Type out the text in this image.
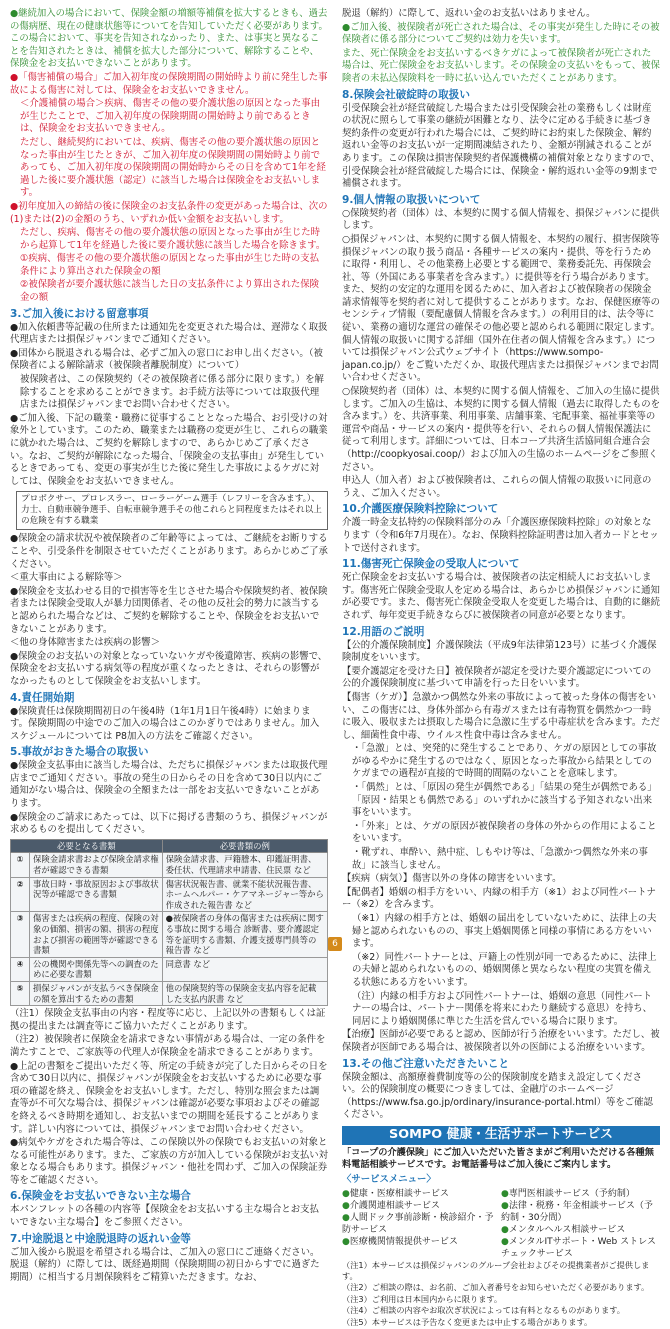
●継続加入の場合において、保険金額の増額等補償を拡大するときも、過去の傷病歴、現在の健康状態等についてを告知していただく必要があります。この場合において、事実を告知されなかったり、また、は事実と異なることを告知されたときは、補償を拡大した部分について、解除することや、保険金をお支払いできないことがあります。

●「傷害補償の場合」ご加入初年度の保険期間の開始時より前に発生した事故による傷害に対しては、保険金をお支払いできません。

＜介護補償の場合＞疾病、傷害その他の要介護状態の原因となった事由が生じたことで、ご加入初年度の保険期間の開始時より前であるときは、保険金をお支払いできません。

ただし、継続契約においては、疾病、傷害その他の要介護状態の原因となった事由が生じたときが、ご加入初年度の保険期間の開始時より前であっても、ご加入初年度の保険期間の開始時からその日を含めて1年を経過した後に要介護状態（認定）に該当した場合は保険金をお支払いします。

●初年度加入の締結の後に保険金のお支払条件の変更があった場合は、次の(1)または(2)の金額のうち、いずれか低い金額をお支払いします。

ただし、疾病、傷害その他の要介護状態の原因となった事由が生じた時から起算して1年を経過した後に要介護状態に該当した場合を除きます。

①疾病、傷害その他の要介護状態の原因となった事由が生じた時の支払条件により算出された保険金の額

②被保険者が要介護状態に該当した日の支払条件により算出された保険金の額

3.ご加入後における留意事項

●加入依頼書等記載の住所または通知先を変更された場合は、遅滞なく取扱代理店または損保ジャパンまでご通知ください。

●団体から脱退される場合は、必ずご加入の窓口にお申し出ください。（被保険者による解除請求（被保険者離脱制度）について）

被保険者は、この保険契約（その被保険者に係る部分に限ります。）を解除することを求めることができます。お手続方法等については取扱代理店または損保ジャパンまでお問い合わせください。

●ご加入後、下記の職業・職務に従事することとなった場合、お引受けの対象外としています。このため、職業または職務の変更が生じ、これらの職業に就かれた場合は、ご契約を解除しますので、あらかじめご了承ください。なお、ご契約が解除になった場合、「保険金の支払事由」が発生しているときであっても、変更の事実が生じた後に発生した事故によるケガに対しては、保険金をお支払いできません。

プロボクサー、プロレスラー、ローラーゲーム選手（レフリーを含みます。）、力士、自動車競争選手、自転車競争選手その他これらと同程度またはそれ以上の危険を有する職業

●保険金の請求状況や被保険者のご年齢等によっては、ご継続をお断りすることや、引受条件を制限させていただくことがあります。あらかじめご了承ください。

＜重大事由による解除等＞

●保険金を支払わせる目的で損害等を生じさせた場合や保険契約者、被保険者または保険金受取人が暴力団関係者、その他の反社会的勢力に該当すると認められた場合などは、ご契約を解除することや、保険金をお支払いできないことがあります。

＜他の身体障害または疾病の影響＞

●保険金のお支払いの対象となっていないケガや後遺障害、疾病の影響で、保険金をお支払いする病気等の程度が重くなったときは、それらの影響がなかったものとして保険金をお支払いします。

4.責任開始期

●保険責任は保険期間初日の午後4時（1年1月1日午後4時）に始まります。保険期間の中途でのご加入の場合はこのかぎりではありません。加入スケジュールについては P8加入の方法をご確認ください。

5.事故がおきた場合の取扱い

●保険金支払事由に該当した場合は、ただちに損保ジャパンまたは取扱代理店までご通知ください。事故の発生の日からその日を含めて30日以内にご通知がない場合は、保険金の全額または一部をお支払いできないことがあります。

●保険金のご請求にあたっては、以下に掲げる書類のうち、損保ジャパンが求めるものを提出してください。

必要となる書類		必要書類の例
①	保険金請求書および保険金請求権者が確認できる書類	保険金請求書、戸籍謄本、印鑑証明書、委任状、代理請求申請書、住民票 など
②	事故日時・事故原因および事故状況等が確認できる書類	傷害状況報告書、就業不能状況報告書、ホームヘルパー・ケアマネージャー等から作成された報告書 など
③	傷害または疾病の程度、保険の対象の価額、損害の額、損害の程度および損害の範囲等が確認できる書類	●被保険者の身体の傷害または疾病に関する事故に関する場合 診断書、要介護認定等を証明する書類、介護支援専門員等の報告書 など
④	公の機関や関係先等への調査のために必要な書類	同意書 など
⑤	損保ジャパンが支払うべき保険金の額を算出するための書類	他の保険契約等の保険金支払内容を記載した支払内訳書 など

（注1）保険金支払事由の内容・程度等に応じ、上記以外の書類もしくは証拠の提出または調査等にご協力いただくことがあります。

（注2）被保険者に保険金を請求できない事情がある場合は、一定の条件を満たすことで、ご家族等の代理人が保険金を請求できることがあります。

●上記の書類をご提出いただく等、所定の手続きが完了した日からその日を含めて30日以内に、損保ジャパンが保険金をお支払いするために必要な事項の確認を終え、保険金をお支払いします。ただし、特別な照会または調査等が不可欠な場合は、損保ジャパンは確認が必要な事項およびその確認を終えるべき時期を通知し、お支払いまでの期間を延長することがあります。詳しい内容については、損保ジャパンまでお問い合わせください。

●病気やケガをされた場合等は、この保険以外の保険でもお支払いの対象となる可能性があります。また、ご家族の方が加入している保険がお支払い対象となる場合もあります。損保ジャパン・他社を問わず、ご加入の保険証券等をご確認ください。

6.保険金をお支払いできない主な場合

本パンフレットの各種の内容等【保険金をお支払いする主な場合とお支払いできない主な場合】をご参照ください。

7.中途脱退と中途脱退時の返れい金等

ご加入後から脱退を希望される場合は、ご加入の窓口にご連絡ください。脱退（解約）に際しては、既経過期間（保険期間の初日からすでに過ぎた期間）に相当する月割保険料をご精算いただきます。なお、

脱退（解約）に際して、返れい金のお支払いはありません。

●ご加入後、被保険者が死亡された場合は、その事実が発生した時にその被保険者に係る部分についてご契約は効力を失います。

また、死亡保険金をお支払いするべきケガによって被保険者が死亡された場合は、死亡保険金をお支払いします。その保険金の支払いをもって、被保険者の未払込保険料を一時に払い込んでいただくことがあります。

8.保険会社破綻時の取扱い

引受保険会社が経営破綻した場合または引受保険会社の業務もしくは財産の状況に照らして事業の継続が困難となり、法令に定める手続きに基づき契約条件の変更が行われた場合には、ご契約時にお約束した保険金、解約返れい金等のお支払いが一定期間凍結されたり、金額が削減されることがあります。この保険は損害保険契約者保護機構の補償対象となりますので、引受保険会社が経営破綻した場合には、保険金・解約返れい金等の9割まで補償されます。

9.個人情報の取扱いについて

○保険契約者（団体）は、本契約に関する個人情報を、損保ジャパンに提供します。

○損保ジャパンは、本契約に関する個人情報を、本契約の履行、損害保険等損保ジャパンの取り扱う商品・各種サービスの案内・提供、等を行うために取得・利用し、その他業務上必要とする範囲で、業務委託先、再保険会社、等（外国にある事業者を含みます。）に提供等を行う場合があります。また、契約の安定的な運用を図るために、加入者および被保険者の保険金請求情報等を契約者に対して提供することがあります。なお、保健医療等のセンシティブ情報（要配慮個人情報を含みます。）の利用目的は、法令等に従い、業務の適切な運営の確保その他必要と認められる範囲に限定します。個人情報の取扱いに関する詳細（国外在住者の個人情報を含みます。）については損保ジャパン公式ウェブサイト（https://www.sompo-japan.co.jp/）をご覧いただくか、取扱代理店または損保ジャパンまでお問い合わせください。

○保険契約者（団体）は、本契約に関する個人情報を、ご加入の生協に提供します。ご加入の生協は、本契約に関する個人情報（過去に取得したものを含みます。）を、共済事業、利用事業、店舗事業、宅配事業、福祉事業等の運営や商品・サービスの案内・提供等を行い、それらの個人情報保護法に従って利用します。詳細については、日本コープ共済生活協同組合連合会（http://coopkyosai.coop/）および加入の生協のホームページをご参照ください。

申込人（加入者）および被保険者は、これらの個人情報の取扱いに同意のうえ、ご加入ください。

10.介護医療保険料控除について

介護一時金支払特約の保険料部分のみ「介護医療保険料控除」の対象となります（令和6年7月現在）。なお、保険料控除証明書は加入者カードとセットで送付されます。

11.傷害死亡保険金の受取人について

死亡保険金をお支払いする場合は、被保険者の法定相続人にお支払いします。傷害死亡保険金受取人を定める場合は、あらかじめ損保ジャパンに通知が必要です。また、傷害死亡保険金受取人を変更した場合は、自動的に継続されず、毎年変更手続きならびに被保険者の同意が必要となります。

12.用語のご説明

【公的介護保険制度】介護保険法（平成9年法律第123号）に基づく介護保険制度をいいます。

【要介護認定を受けた日】被保険者が認定を受けた要介護認定についての公的介護保険制度に基づいて申請を行った日をいいます。

【傷害（ケガ）】急激かつ偶然な外来の事故によって被った身体の傷害をいい、この傷害には、身体外部から有毒ガスまたは有毒物質を偶然かつ一時に吸入、吸収または摂取した場合に急激に生ずる中毒症状を含みます。ただし、細菌性食中毒、ウイルス性食中毒は含みません。

・「急激」とは、突発的に発生することであり、ケガの原因としての事故がゆるやかに発生するのではなく、原因となった事故から結果としてのケガまでの過程が直接的で時間的間隔のないことを意味します。

・「偶然」とは、「原因の発生が偶然である」「結果の発生が偶然である」「原因・結果とも偶然である」のいずれかに該当する予知されない出来事をいいます。

・「外来」とは、ケガの原因が被保険者の身体の外からの作用によることをいいます。

・靴ずれ、車酔い、熱中症、しもやけ等は、「急激かつ偶然な外来の事故」に該当しません。

【疾病（病気）】傷害以外の身体の障害をいいます。

【配偶者】婚姻の相手方をいい、内縁の相手方（※1）および同性パートナー（※2）を含みます。

（※1）内縁の相手方とは、婚姻の届出をしていないために、法律上の夫婦と認められないものの、事実上婚姻関係と同様の事情にある方をいいます。

（※2）同性パートナーとは、戸籍上の性別が同一であるために、法律上の夫婦と認められないものの、婚姻関係と異ならない程度の実質を備える状態にある方をいいます。

（注）内縁の相手方および同性パートナーは、婚姻の意思（同性パートナーの場合は、パートナー関係を将来にわたり継続する意思）を持ち、同居により婚姻関係に準じた生活を営んでいる場合に限ります。

【治療】医師が必要であると認め、医師が行う治療をいいます。ただし、被保険者が医師である場合は、被保険者以外の医師による治療をいいます。

13.その他ご注意いただきたいこと

保険金額は、高額療養費制度等の公的保険制度を踏まえ設定してください。公的保険制度の概要につきましては、金融庁のホームページ（https://www.fsa.go.jp/ordinary/insurance-portal.html）等をご確認ください。

SOMPO 健康・生活サポートサービス

「コープの介護保険」にご加入いただいた皆さまがご利用いただける各種無料電話相談サービスです。お電話番号はご加入後にご案内します。

〈サービスメニュー〉
●健康・医療相談サービス
●介護関連相談サービス
●人間ドック事前診断・検診紹介・予防サービス
●医療機関情報提供サービス
●専門医相談サービス（予約制）
●法律・税務・年金相談サービス（予約制・30分間）
●メンタルヘルス相談サービス
●メンタルITサポート・Web ストレスチェックサービス

（注1）本サービスは損保ジャパンのグループ会社およびその提携業者がご提供します。

（注2）ご相談の際は、お名前、ご加入者番号をお知らせいただく必要があります。

（注3）ご利用は日本国内からに限ります。

（注4）ご相談の内容やお取次ぎ状況によっては有料となるものがあります。

（注5）本サービスは予告なく変更または中止する場合があります。

6
